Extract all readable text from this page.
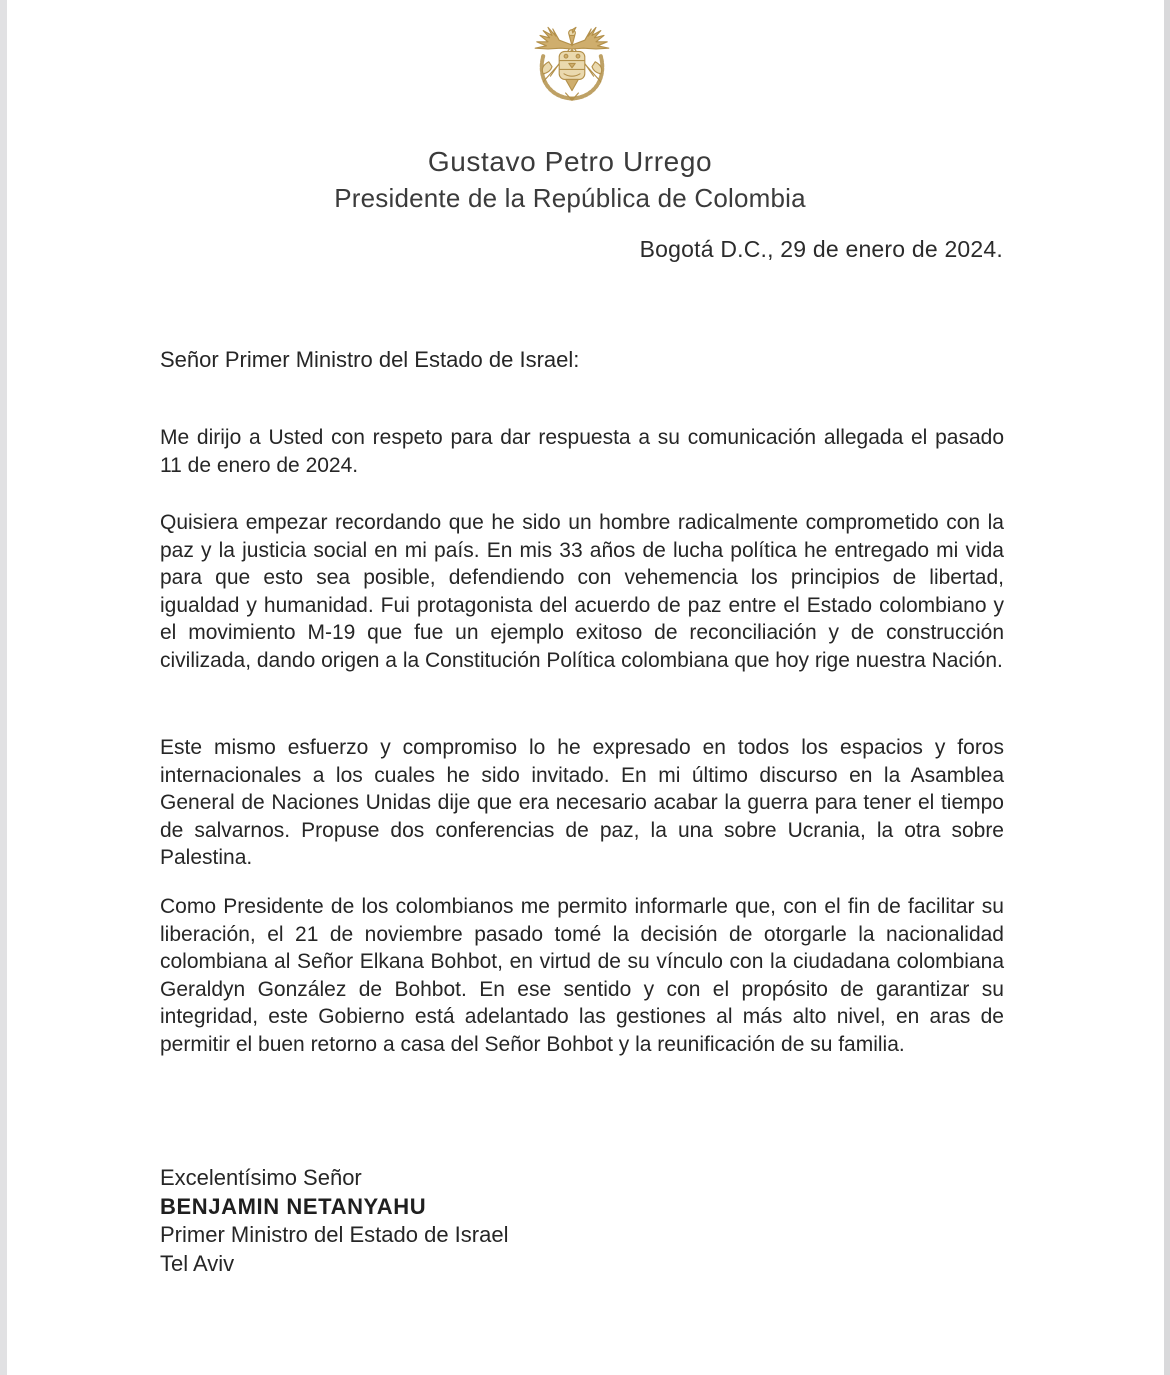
Gustavo Petro Urrego
Presidente de la República de Colombia
Bogotá D.C., 29 de enero de 2024.
Señor Primer Ministro del Estado de Israel:

Me dirijo a Usted con respeto para dar respuesta a su comunicación allegada el pasado 11 de enero de 2024.

Quisiera empezar recordando que he sido un hombre radicalmente comprometido con la paz y la justicia social en mi país. En mis 33 años de lucha política he entregado mi vida para que esto sea posible, defendiendo con vehemencia los principios de libertad, igualdad y humanidad. Fui protagonista del acuerdo de paz entre el Estado colombiano y el movimiento M-19 que fue un ejemplo exitoso de reconciliación y de construcción civilizada, dando origen a la Constitución Política colombiana que hoy rige nuestra Nación.

Este mismo esfuerzo y compromiso lo he expresado en todos los espacios y foros internacionales a los cuales he sido invitado. En mi último discurso en la Asamblea General de Naciones Unidas dije que era necesario acabar la guerra para tener el tiempo de salvarnos. Propuse dos conferencias de paz, la una sobre Ucrania, la otra sobre Palestina.

Como Presidente de los colombianos me permito informarle que, con el fin de facilitar su liberación, el 21 de noviembre pasado tomé la decisión de otorgarle la nacionalidad colombiana al Señor Elkana Bohbot, en virtud de su vínculo con la ciudadana colombiana Geraldyn González de Bohbot. En ese sentido y con el propósito de garantizar su integridad, este Gobierno está adelantado las gestiones al más alto nivel, en aras de permitir el buen retorno a casa del Señor Bohbot y la reunificación de su familia.

Excelentísimo Señor
BENJAMIN NETANYAHU
Primer Ministro del Estado de Israel
Tel Aviv
